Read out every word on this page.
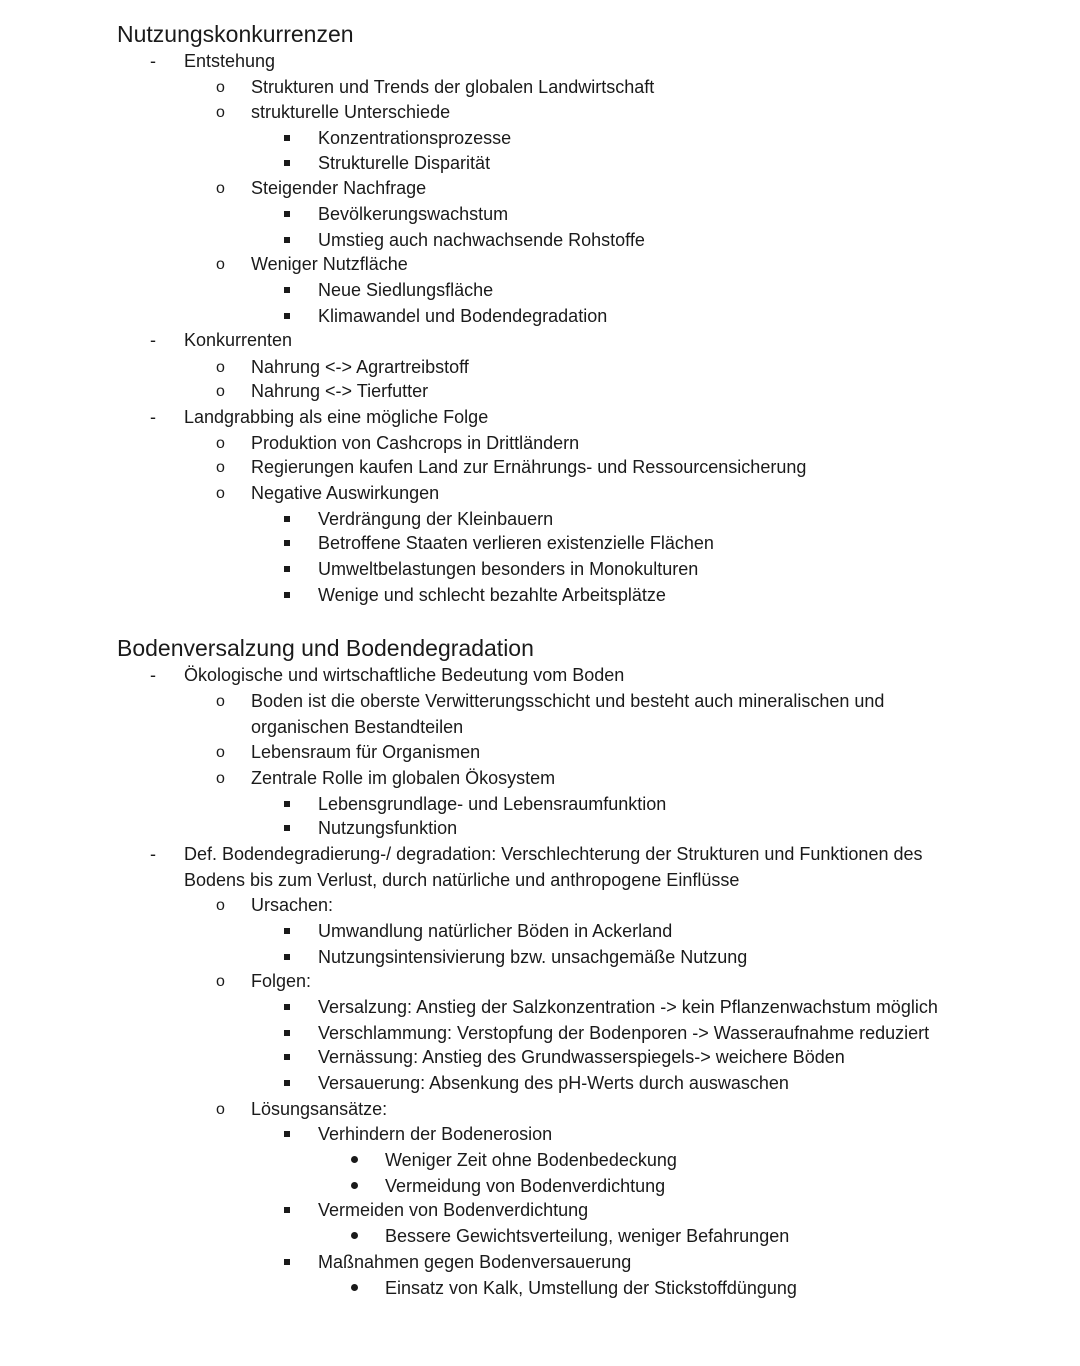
Nutzungskonkurrenzen
- Entstehung
o Strukturen und Trends der globalen Landwirtschaft
o strukturelle Unterschiede
Konzentrationsprozesse
Strukturelle Disparität
o Steigender Nachfrage
Bevölkerungswachstum
Umstieg auch nachwachsende Rohstoffe
o Weniger Nutzfläche
Neue Siedlungsfläche
Klimawandel und Bodendegradation
- Konkurrenten
o Nahrung <-> Agrartreibstoff
o Nahrung <-> Tierfutter
- Landgrabbing als eine mögliche Folge
o Produktion von Cashcrops in Drittländern
o Regierungen kaufen Land zur Ernährungs- und Ressourcensicherung
o Negative Auswirkungen
Verdrängung der Kleinbauern
Betroffene Staaten verlieren existenzielle Flächen
Umweltbelastungen besonders in Monokulturen
Wenige und schlecht bezahlte Arbeitsplätze
Bodenversalzung und Bodendegradation
- Ökologische und wirtschaftliche Bedeutung vom Boden
o Boden ist die oberste Verwitterungsschicht und besteht auch mineralischen und
organischen Bestandteilen
o Lebensraum für Organismen
o Zentrale Rolle im globalen Ökosystem
Lebensgrundlage- und Lebensraumfunktion
Nutzungsfunktion
- Def. Bodendegradierung-/ degradation: Verschlechterung der Strukturen und Funktionen des
Bodens bis zum Verlust, durch natürliche und anthropogene Einflüsse
o Ursachen:
Umwandlung natürlicher Böden in Ackerland
Nutzungsintensivierung bzw. unsachgemäße Nutzung
o Folgen:
Versalzung: Anstieg der Salzkonzentration -> kein Pflanzenwachstum möglich
Verschlammung: Verstopfung der Bodenporen -> Wasseraufnahme reduziert
Vernässung: Anstieg des Grundwasserspiegels-> weichere Böden
Versauerung: Absenkung des pH-Werts durch auswaschen
o Lösungsansätze:
Verhindern der Bodenerosion
Weniger Zeit ohne Bodenbedeckung
Vermeidung von Bodenverdichtung
Vermeiden von Bodenverdichtung
Bessere Gewichtsverteilung, weniger Befahrungen
Maßnahmen gegen Bodenversauerung
Einsatz von Kalk, Umstellung der Stickstoffdüngung
